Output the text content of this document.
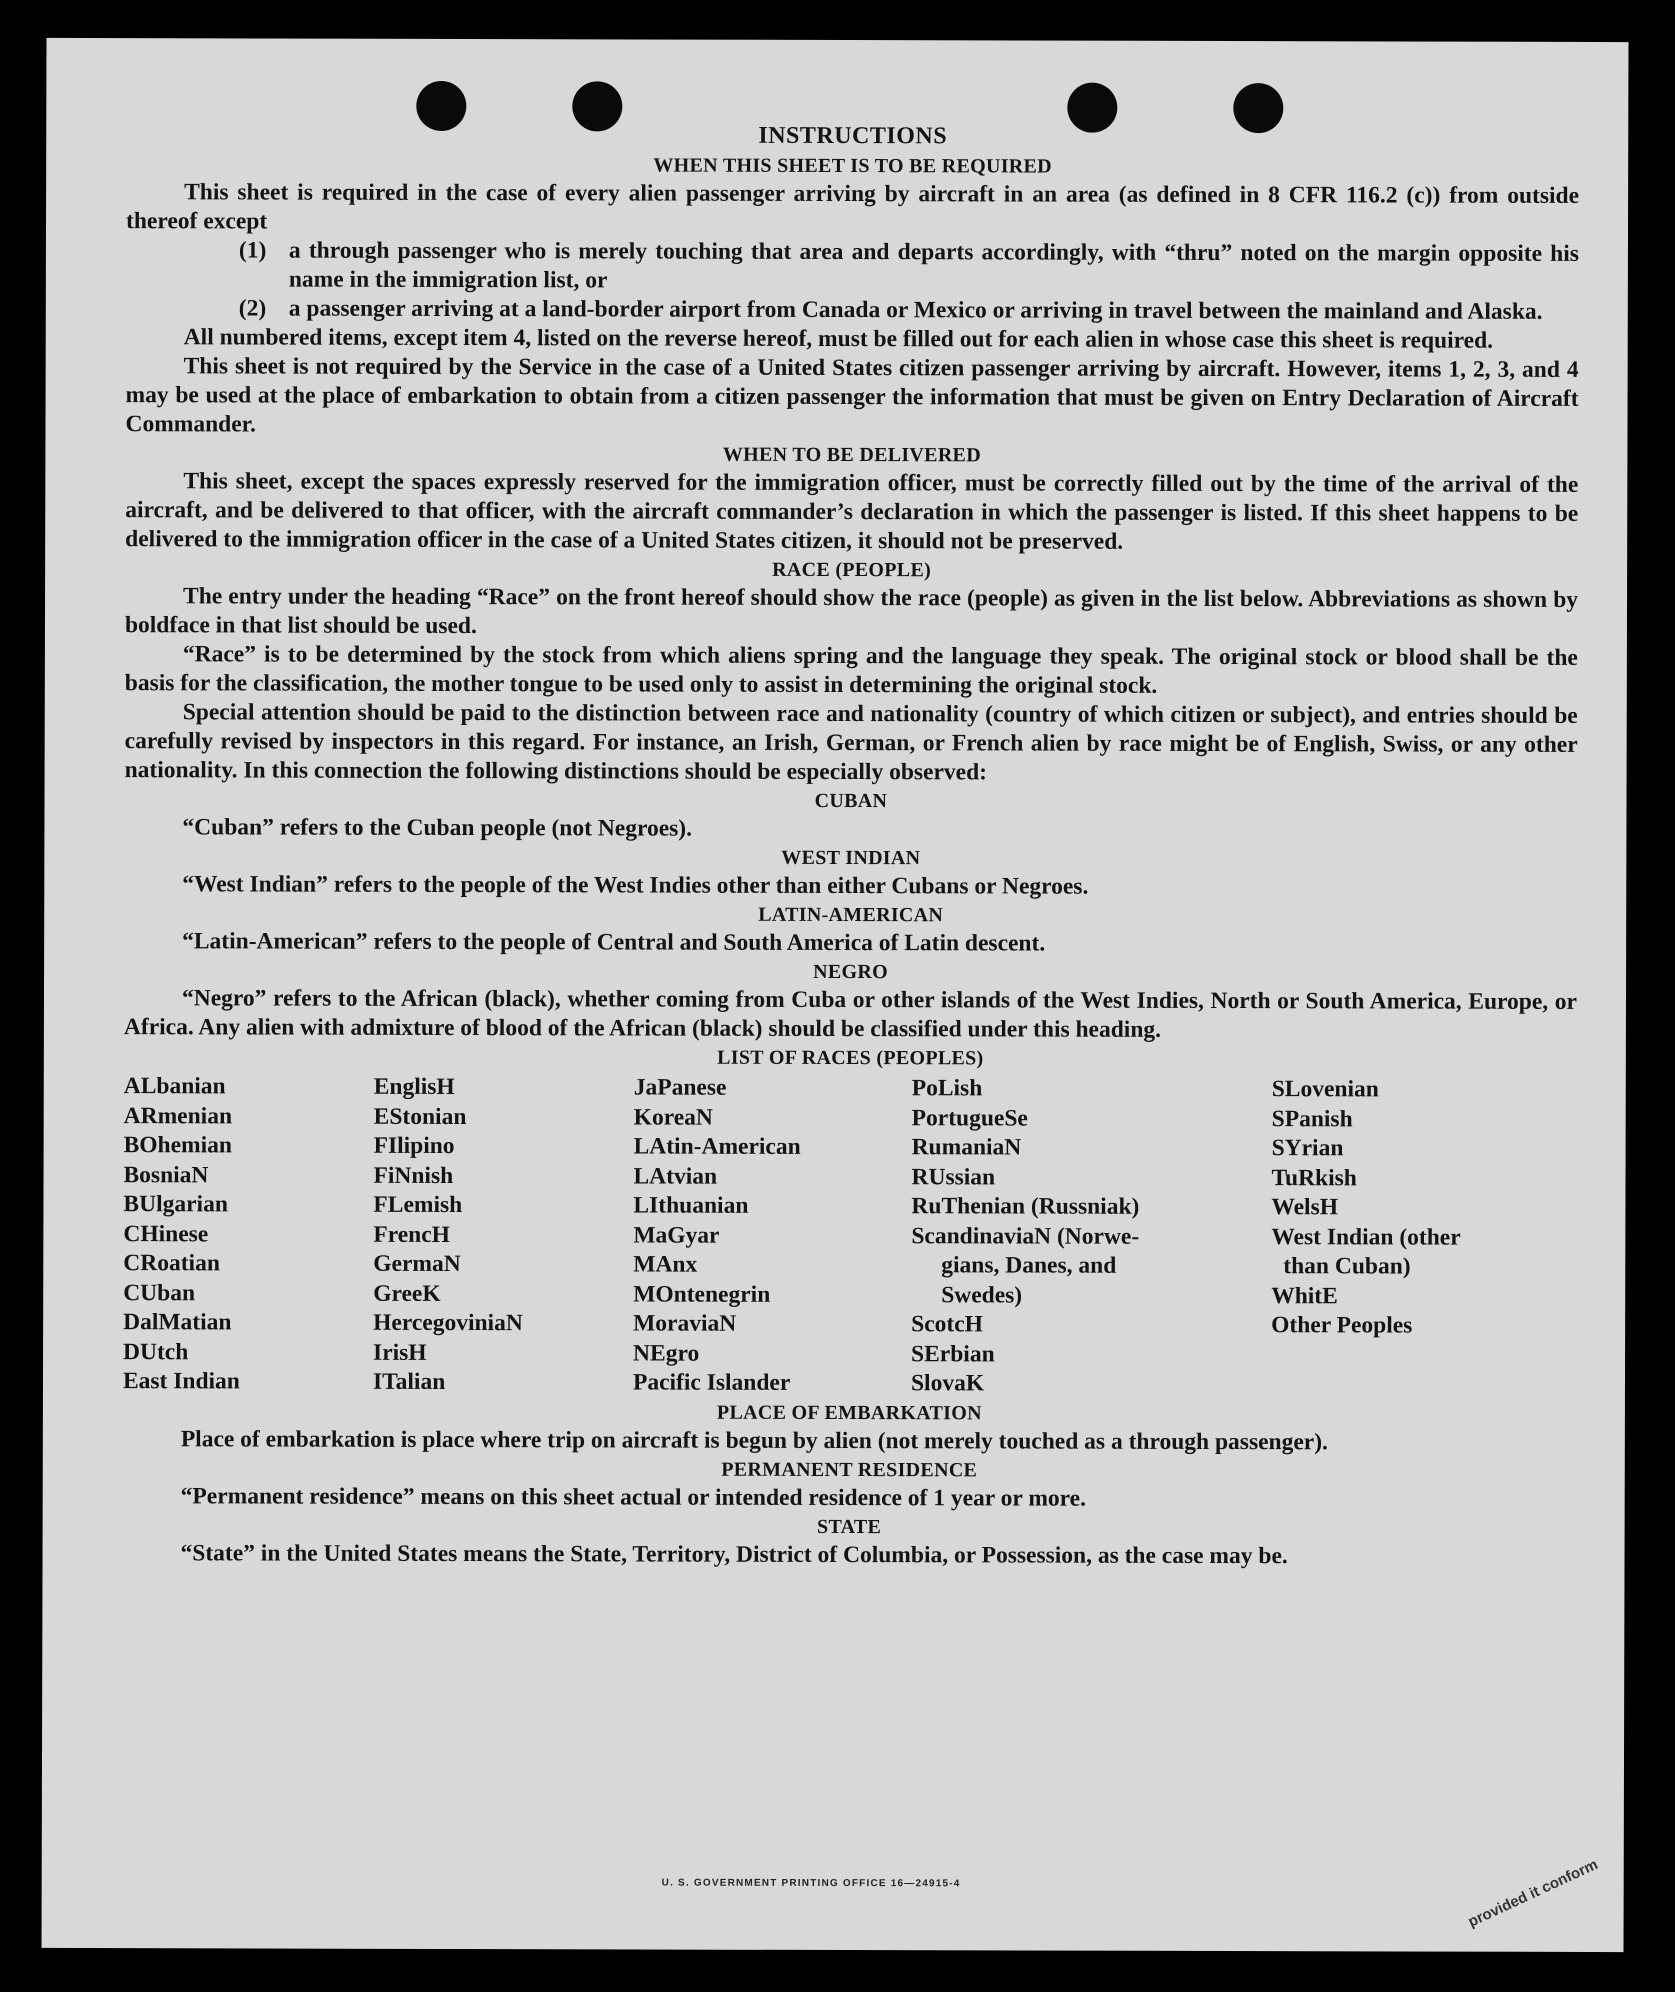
INSTRUCTIONS
WHEN THIS SHEET IS TO BE REQUIRED

This sheet is required in the case of every alien passenger arriving by aircraft in an area (as defined in 8 CFR 116.2 (c)) from outside thereof except

(1) a through passenger who is merely touching that area and departs accordingly, with “thru” noted on the margin opposite his name in the immigration list, or
(2) a passenger arriving at a land-border airport from Canada or Mexico or arriving in travel between the mainland and Alaska.

All numbered items, except item 4, listed on the reverse hereof, must be filled out for each alien in whose case this sheet is required.

This sheet is not required by the Service in the case of a United States citizen passenger arriving by aircraft. However, items 1, 2, 3, and 4 may be used at the place of embarkation to obtain from a citizen passenger the information that must be given on Entry Declaration of Aircraft Commander.

WHEN TO BE DELIVERED

This sheet, except the spaces expressly reserved for the immigration officer, must be correctly filled out by the time of the arrival of the aircraft, and be delivered to that officer, with the aircraft commander’s declaration in which the passenger is listed. If this sheet happens to be delivered to the immigration officer in the case of a United States citizen, it should not be preserved.

RACE (PEOPLE)

The entry under the heading “Race” on the front hereof should show the race (people) as given in the list below. Abbreviations as shown by boldface in that list should be used.

“Race” is to be determined by the stock from which aliens spring and the language they speak. The original stock or blood shall be the basis for the classification, the mother tongue to be used only to assist in determining the original stock.

Special attention should be paid to the distinction between race and nationality (country of which citizen or subject), and entries should be carefully revised by inspectors in this regard. For instance, an Irish, German, or French alien by race might be of English, Swiss, or any other nationality. In this connection the following distinctions should be especially observed:

CUBAN

“Cuban” refers to the Cuban people (not Negroes).

WEST INDIAN

“West Indian” refers to the people of the West Indies other than either Cubans or Negroes.

LATIN-AMERICAN

“Latin-American” refers to the people of Central and South America of Latin descent.

NEGRO

“Negro” refers to the African (black), whether coming from Cuba or other islands of the West Indies, North or South America, Europe, or Africa. Any alien with admixture of blood of the African (black) should be classified under this heading.

LIST OF RACES (PEOPLES)
ALbanian
ARmenian
BOhemian
BosniaN
BUlgarian
CHinese
CRoatian
CUban
DalMatian
DUtch
East Indian
EnglisH
EStonian
FIlipino
FiNnish
FLemish
FrencH
GermaN
GreeK
HercegoviniaN
IrisH
ITalian
JaPanese
KoreaN
LAtin-American
LAtvian
LIthuanian
MaGyar
MAnx
MOntenegrin
MoraviaN
NEgro
Pacific Islander
PoLish
PortugueSe
RumaniaN
RUssian
RuThenian (Russniak)
ScandinaviaN (Norwe-
gians, Danes, and
Swedes)
ScotcH
SErbian
SlovaK
SLovenian
SPanish
SYrian
TuRkish
WelsH
West Indian (other
than Cuban)
WhitE
Other Peoples
PLACE OF EMBARKATION

Place of embarkation is place where trip on aircraft is begun by alien (not merely touched as a through passenger).

PERMANENT RESIDENCE

“Permanent residence” means on this sheet actual or intended residence of 1 year or more.

STATE

“State” in the United States means the State, Territory, District of Columbia, or Possession, as the case may be.

U. S. GOVERNMENT PRINTING OFFICE 16—24915-4	provided it conform
